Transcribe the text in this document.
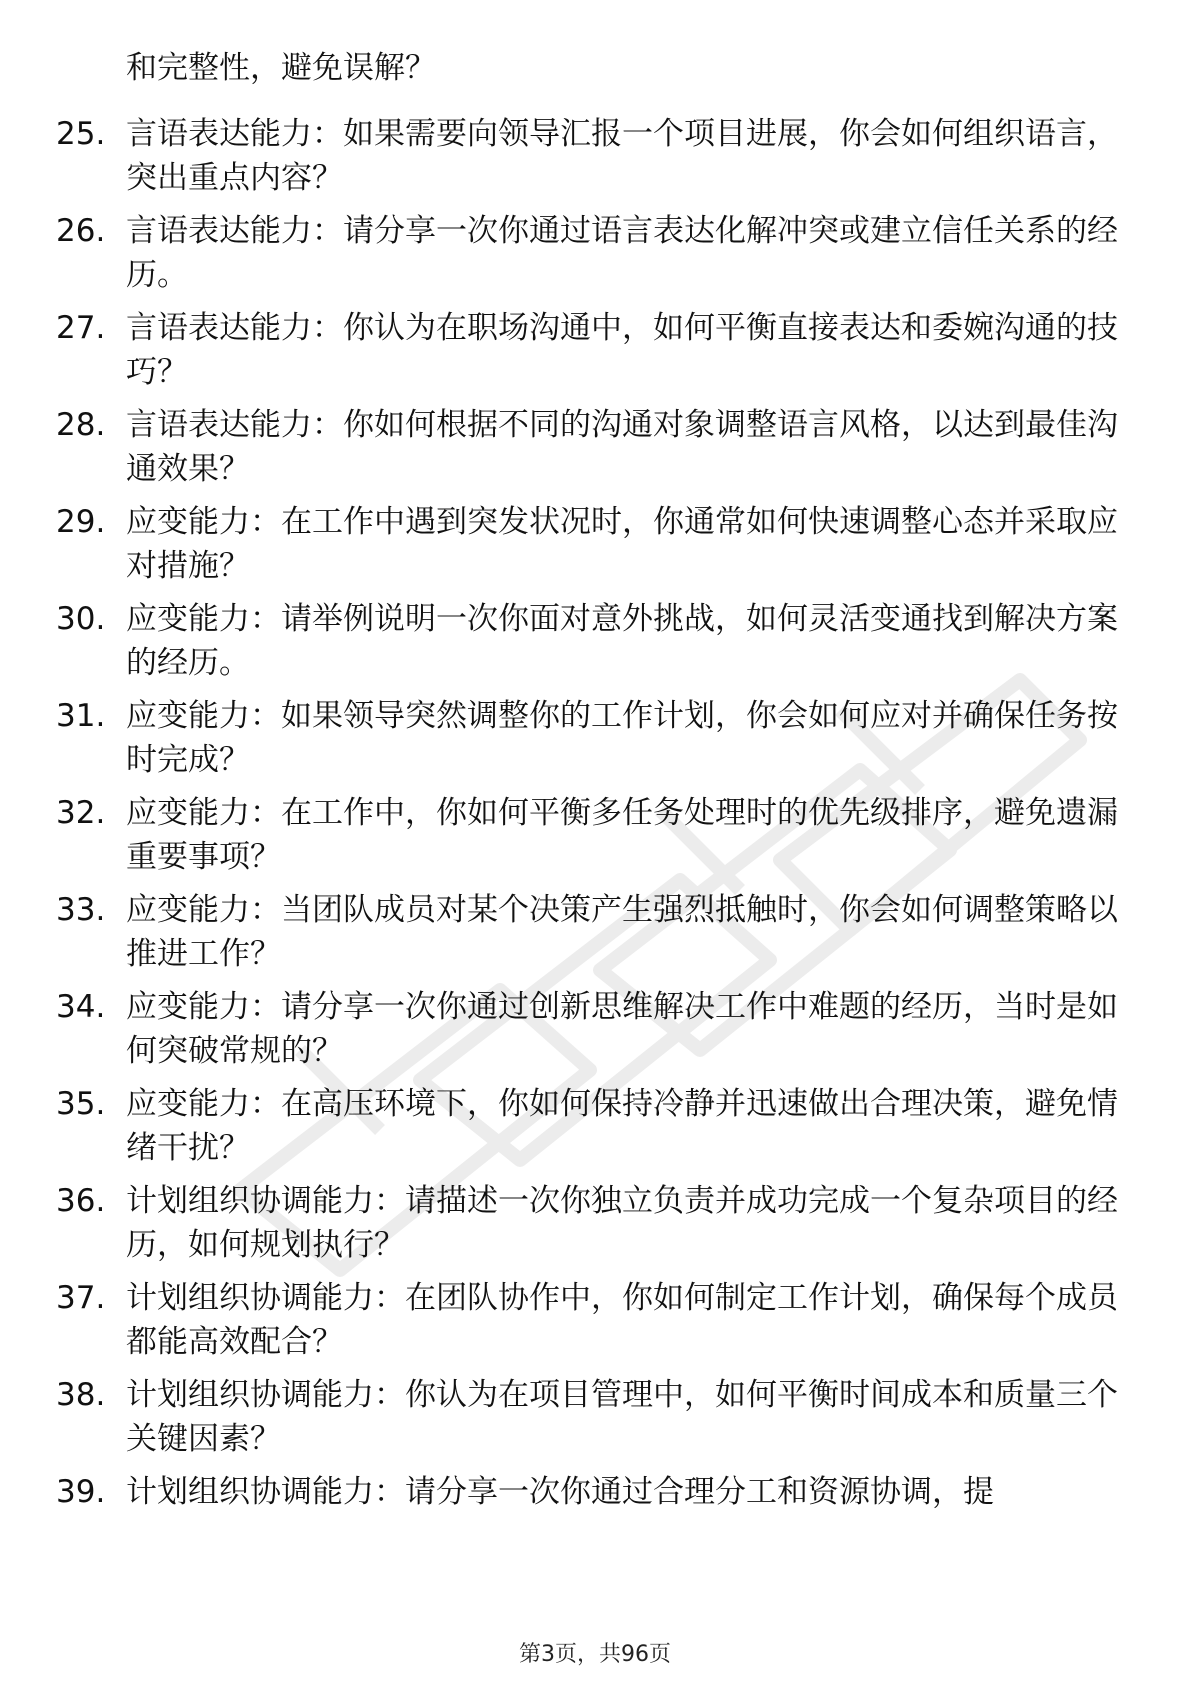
和完整性，避免误解？

25. 言语表达能力：如果需要向领导汇报一个项目进展，你会如何组织语言，突出重点内容？

26. 言语表达能力：请分享一次你通过语言表达化解冲突或建立信任关系的经历。

27. 言语表达能力：你认为在职场沟通中，如何平衡直接表达和委婉沟通的技巧？

28. 言语表达能力：你如何根据不同的沟通对象调整语言风格，以达到最佳沟通效果？

29. 应变能力：在工作中遇到突发状况时，你通常如何快速调整心态并采取应对措施？

30. 应变能力：请举例说明一次你面对意外挑战，如何灵活变通找到解决方案的经历。

31. 应变能力：如果领导突然调整你的工作计划，你会如何应对并确保任务按时完成？

32. 应变能力：在工作中，你如何平衡多任务处理时的优先级排序，避免遗漏重要事项？

33. 应变能力：当团队成员对某个决策产生强烈抵触时，你会如何调整策略以推进工作？

34. 应变能力：请分享一次你通过创新思维解决工作中难题的经历，当时是如何突破常规的？

35. 应变能力：在高压环境下，你如何保持冷静并迅速做出合理决策，避免情绪干扰？

36. 计划组织协调能力：请描述一次你独立负责并成功完成一个复杂项目的经历，如何规划执行？

37. 计划组织协调能力：在团队协作中，你如何制定工作计划，确保每个成员都能高效配合？

38. 计划组织协调能力：你认为在项目管理中，如何平衡时间成本和质量三个关键因素？

39. 计划组织协调能力：请分享一次你通过合理分工和资源协调，提

第3页，共96页
